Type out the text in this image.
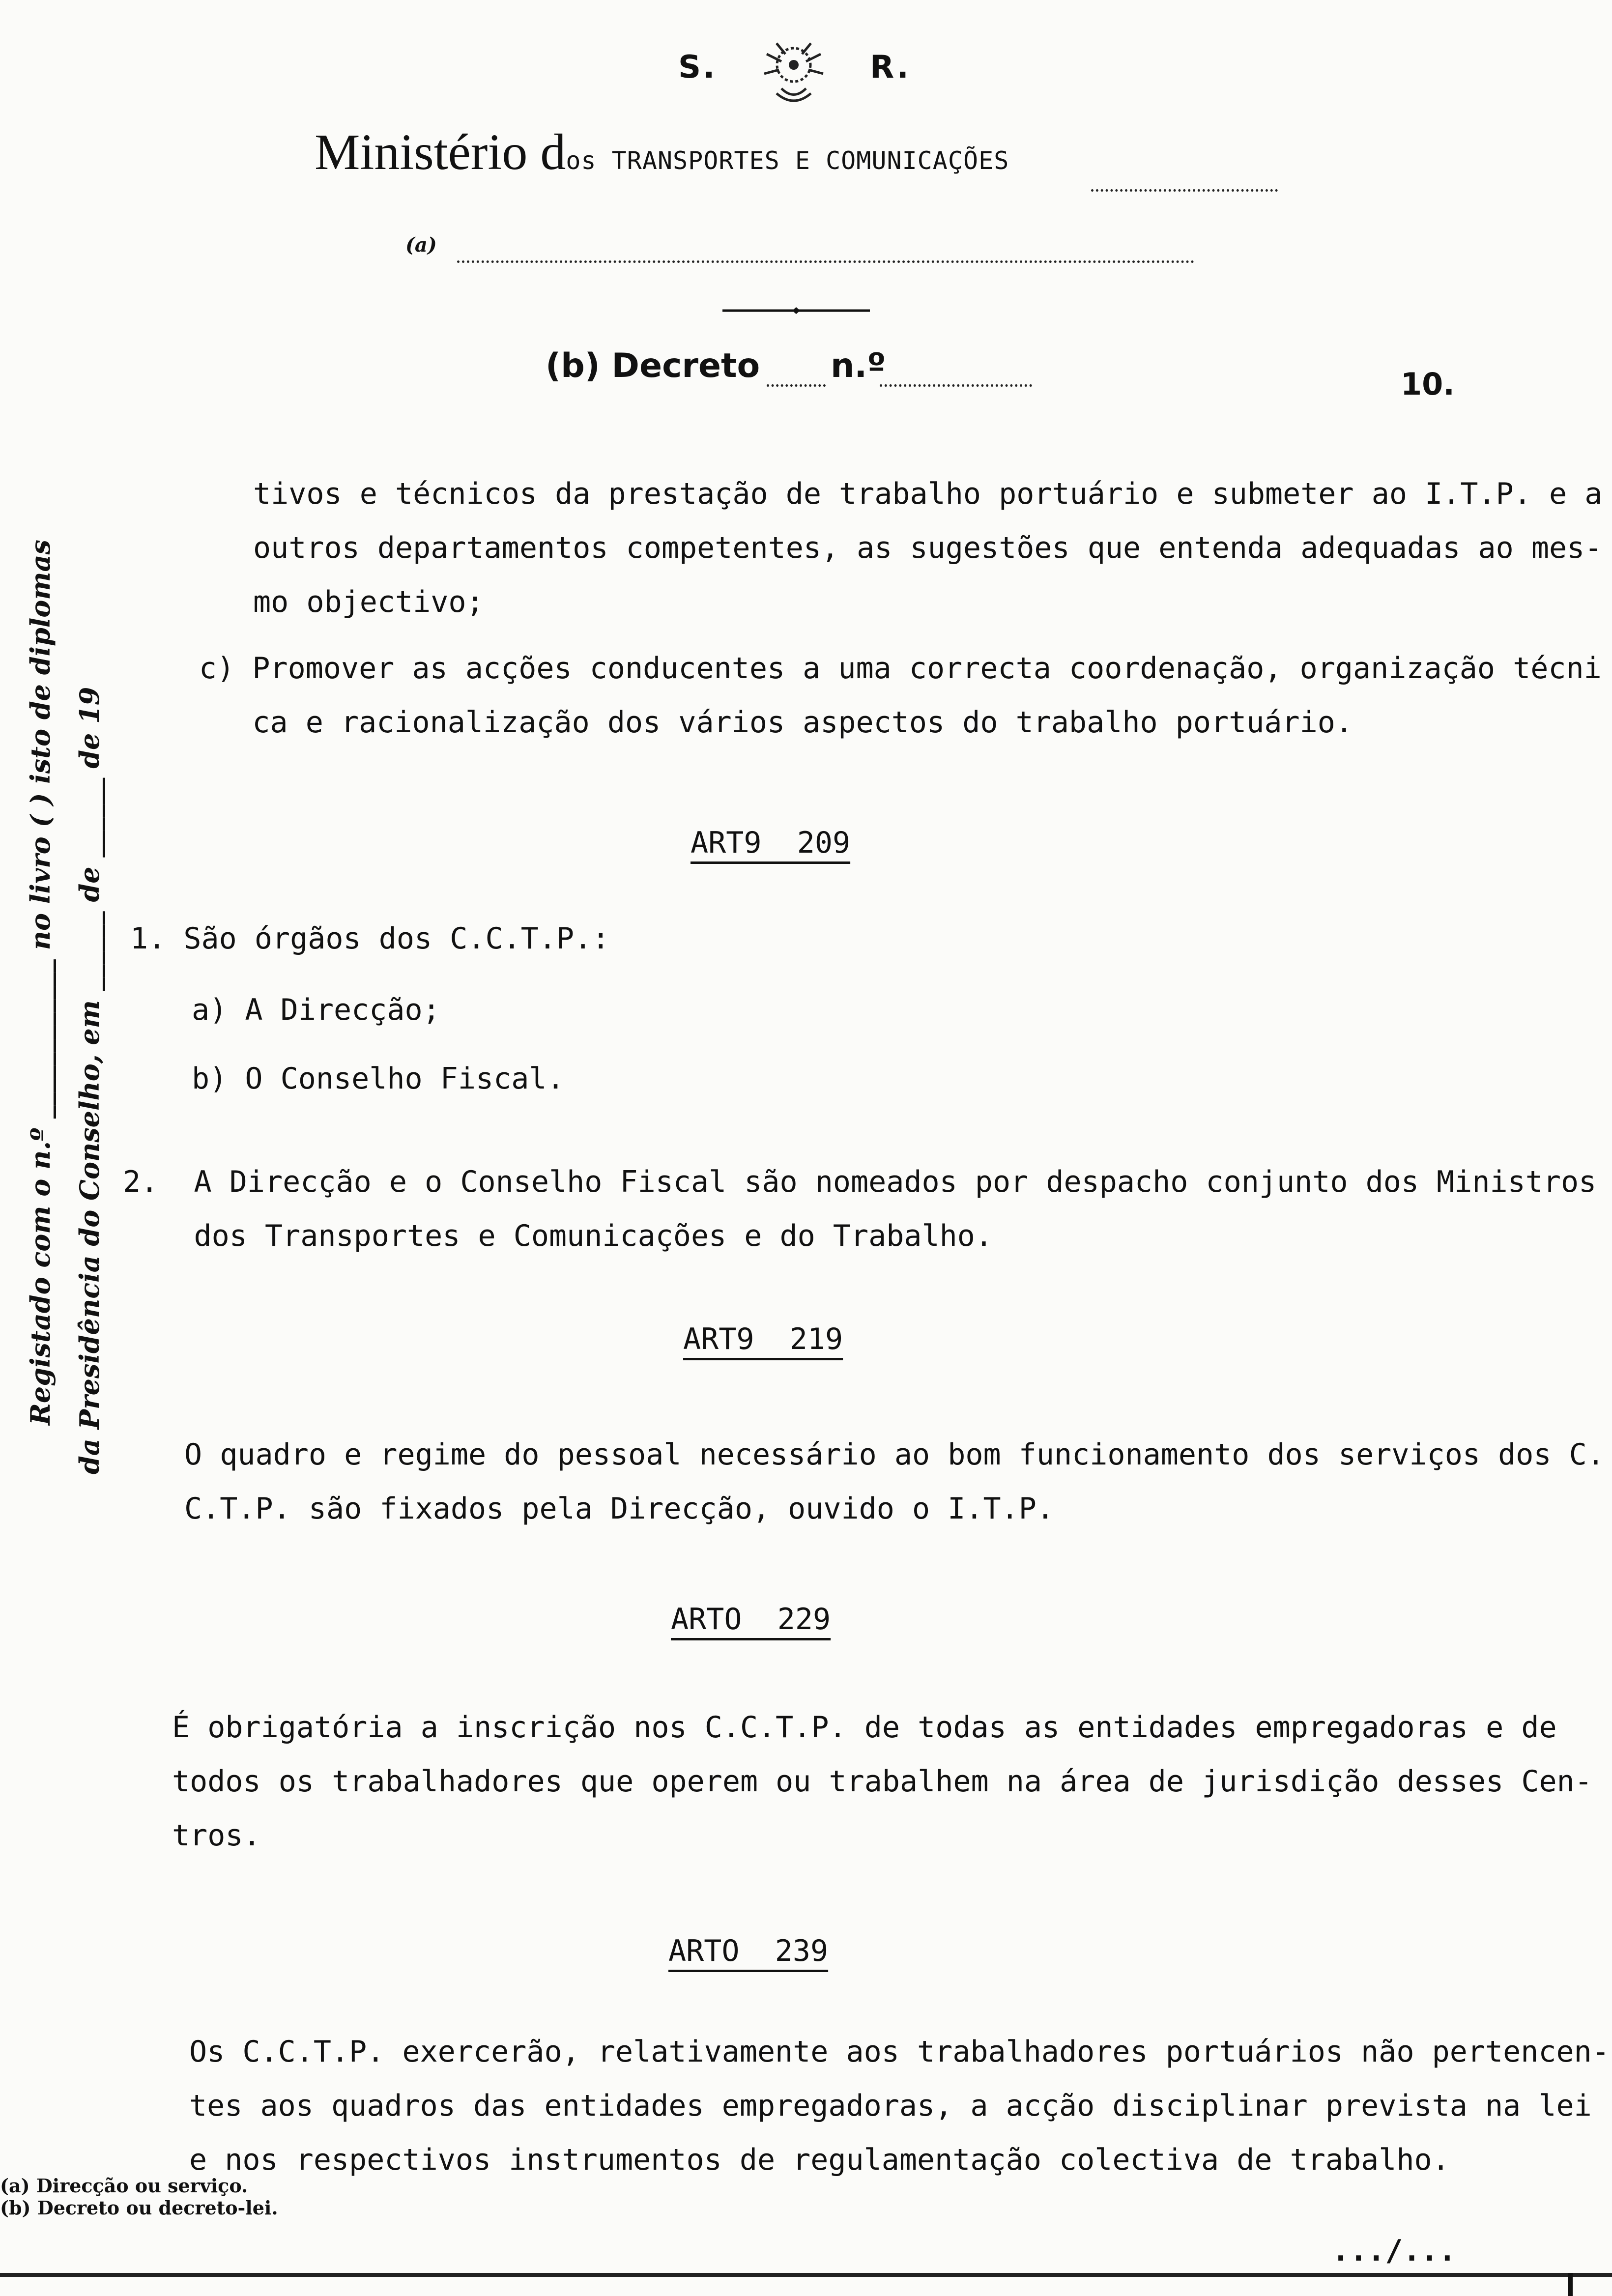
S.	R.
Ministério dos TRANSPORTES E COMUNICAÇÕES
(a)
(b) Decreto n.º	10.
Registado com o n.º ____________ no livro ( ) isto de diplomas da Presidência do Conselho, em ______ de ______ de 19
tivos e técnicos da prestação de trabalho portuário e submeter ao I.T.P. e a
outros departamentos competentes, as sugestões que entenda adequadas ao mes-
mo objectivo;
c) Promover as acções conducentes a uma correcta coordenação, organização técni
ca e racionalização dos vários aspectos do trabalho portuário.
ART9  209
1. São órgãos dos C.C.T.P.:
a) A Direcção;
b) O Conselho Fiscal.
2.  A Direcção e o Conselho Fiscal são nomeados por despacho conjunto dos Ministros
dos Transportes e Comunicações e do Trabalho.
ART9  219
O quadro e regime do pessoal necessário ao bom funcionamento dos serviços dos C.
C.T.P. são fixados pela Direcção, ouvido o I.T.P.
ARTO  229
É obrigatória a inscrição nos C.C.T.P. de todas as entidades empregadoras e de
todos os trabalhadores que operem ou trabalhem na área de jurisdição desses Cen-
tros.
ARTO  239
Os C.C.T.P. exercerão, relativamente aos trabalhadores portuários não pertencen-
tes aos quadros das entidades empregadoras, a acção disciplinar prevista na lei
e nos respectivos instrumentos de regulamentação colectiva de trabalho.
(a) Direcção ou serviço.
(b) Decreto ou decreto-lei.
.../...
